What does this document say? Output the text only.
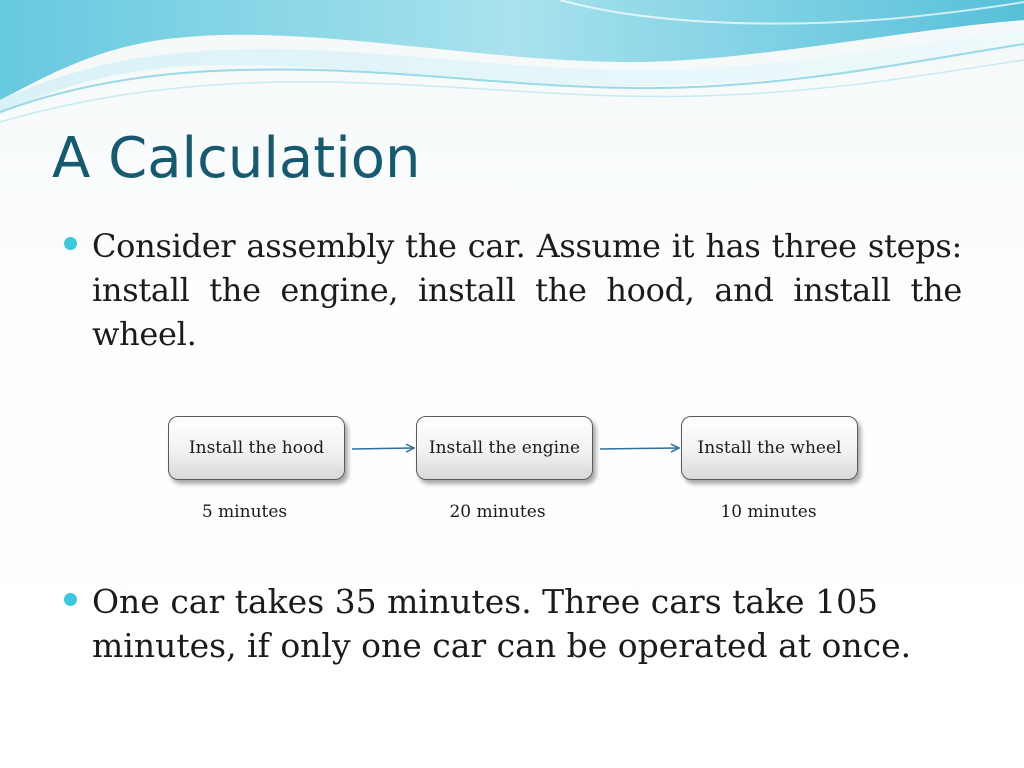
A Calculation

Consider assembly the car. Assume it has three steps: install the engine, install the hood, and install the wheel.

Install the hood	Install the engine	Install the wheel
5 minutes	20 minutes	10 minutes

One car takes 35 minutes. Three cars take 105 minutes, if only one car can be operated at once.
